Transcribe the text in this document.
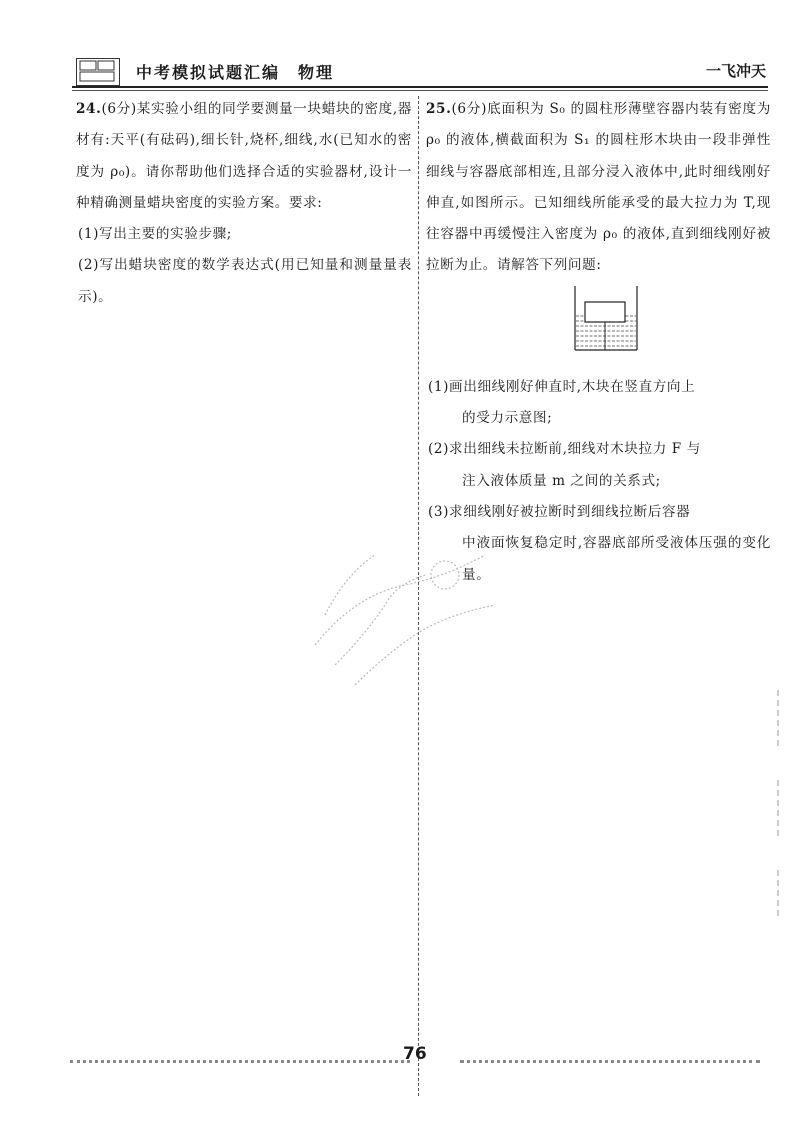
中考模拟试题汇编　物理	一飞冲天

24.(6分)某实验小组的同学要测量一块蜡块的密度,器材有:天平(有砝码),细长针,烧杯,细线,水(已知水的密度为 ρ₀)。请你帮助他们选择合适的实验器材,设计一种精确测量蜡块密度的实验方案。要求:

(1)写出主要的实验步骤;

(2)写出蜡块密度的数学表达式(用已知量和测量量表示)。

25.(6分)底面积为 S₀ 的圆柱形薄壁容器内装有密度为 ρ₀ 的液体,横截面积为 S₁ 的圆柱形木块由一段非弹性细线与容器底部相连,且部分浸入液体中,此时细线刚好伸直,如图所示。已知细线所能承受的最大拉力为 T,现往容器中再缓慢注入密度为 ρ₀ 的液体,直到细线刚好被拉断为止。请解答下列问题:

(1)画出细线刚好伸直时,木块在竖直方向上

的受力示意图;

(2)求出细线未拉断前,细线对木块拉力 F 与

注入液体质量 m 之间的关系式;

(3)求细线刚好被拉断时到细线拉断后容器

中液面恢复稳定时,容器底部所受液体压强的变化量。

76
